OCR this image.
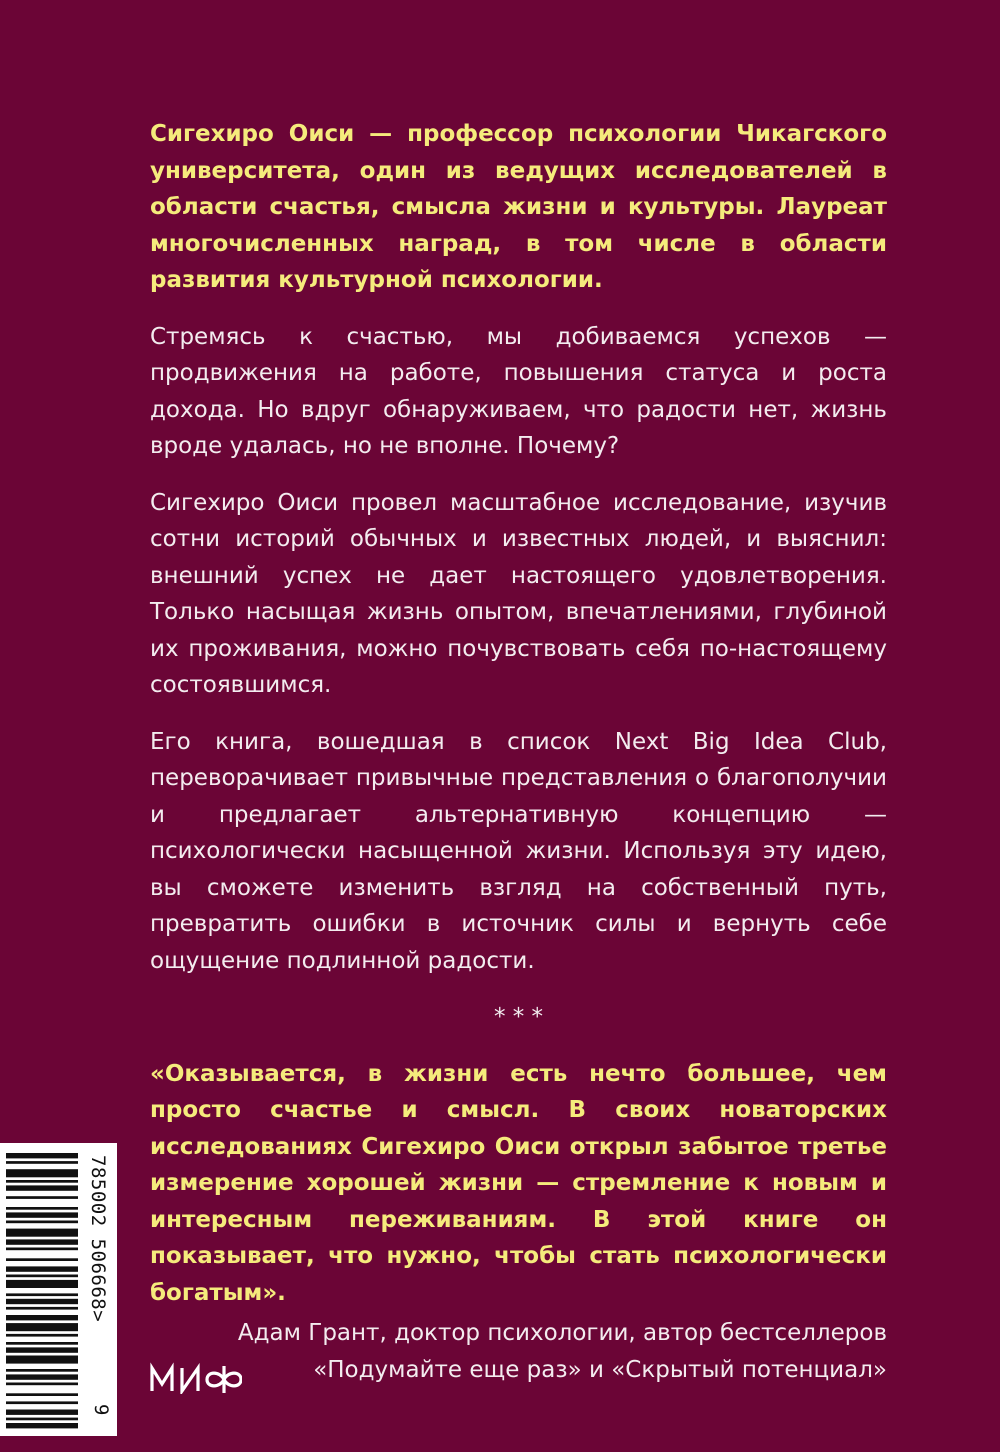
Сигехиро Оиси — профессор психологии Чикагского университета, один из ведущих исследователей в области счастья, смысла жизни и культуры. Лауреат многочисленных наград, в том числе в области развития культурной психологии.

Стремясь к счастью, мы добиваемся успехов — продвижения на работе, повышения статуса и роста дохода. Но вдруг обнаруживаем, что радости нет, жизнь вроде удалась, но не вполне. Почему?

Сигехиро Оиси провел масштабное исследование, изучив сотни историй обычных и известных людей, и выяснил: внешний успех не дает настоящего удовлетворения. Только насыщая жизнь опытом, впечатлениями, глубиной их проживания, можно почувствовать себя по-настоящему состоявшимся.

Его книга, вошедшая в список Next Big Idea Club, переворачивает привычные представления о благополучии и предлагает альтернативную концепцию — психологически насыщенной жизни. Используя эту идею, вы сможете изменить взгляд на собственный путь, превратить ошибки в источник силы и вернуть себе ощущение подлинной радости.

* * *

«Оказывается, в жизни есть нечто большее, чем просто счастье и смысл. В своих новаторских исследованиях Сигехиро Оиси открыл забытое третье измерение хорошей жизни — стремление к новым и интересным переживаниям. В этой книге он показывает, что нужно, чтобы стать психологически богатым».

Адам Грант, доктор психологии, автор бестселлеров
«Подумайте еще раз» и «Скрытый потенциал»
785002 506668>
9
